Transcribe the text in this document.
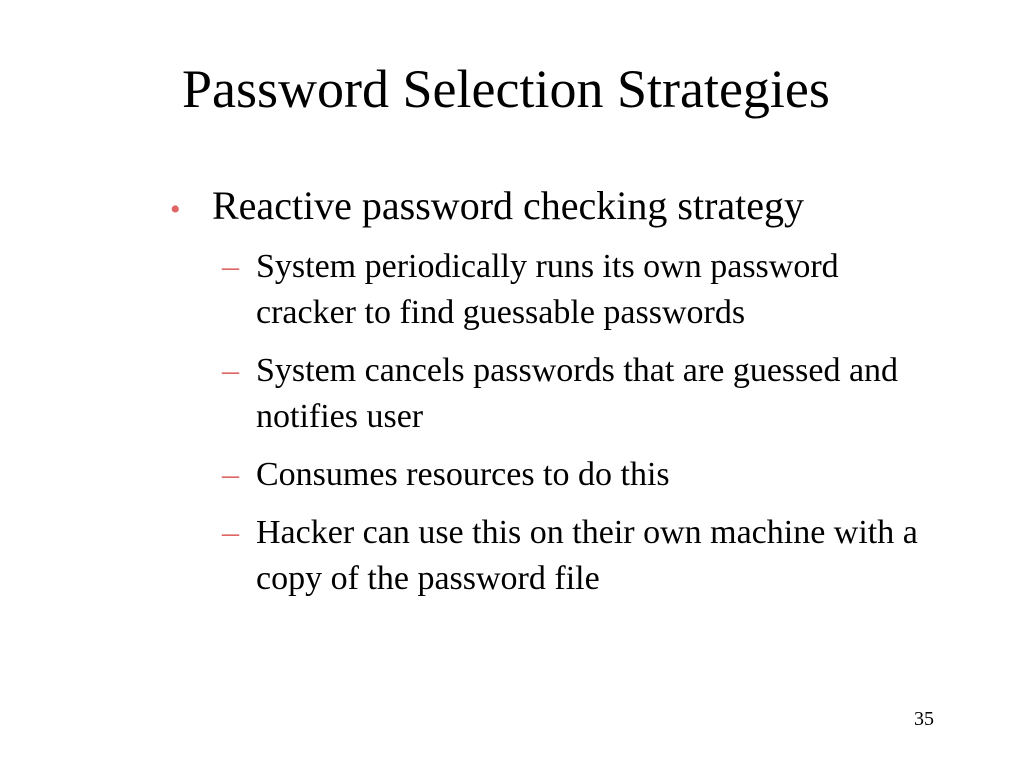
Password Selection Strategies
• Reactive password checking strategy
– System periodically runs its own password cracker to find guessable passwords
– System cancels passwords that are guessed and notifies user
– Consumes resources to do this
– Hacker can use this on their own machine with a copy of the password file
35
